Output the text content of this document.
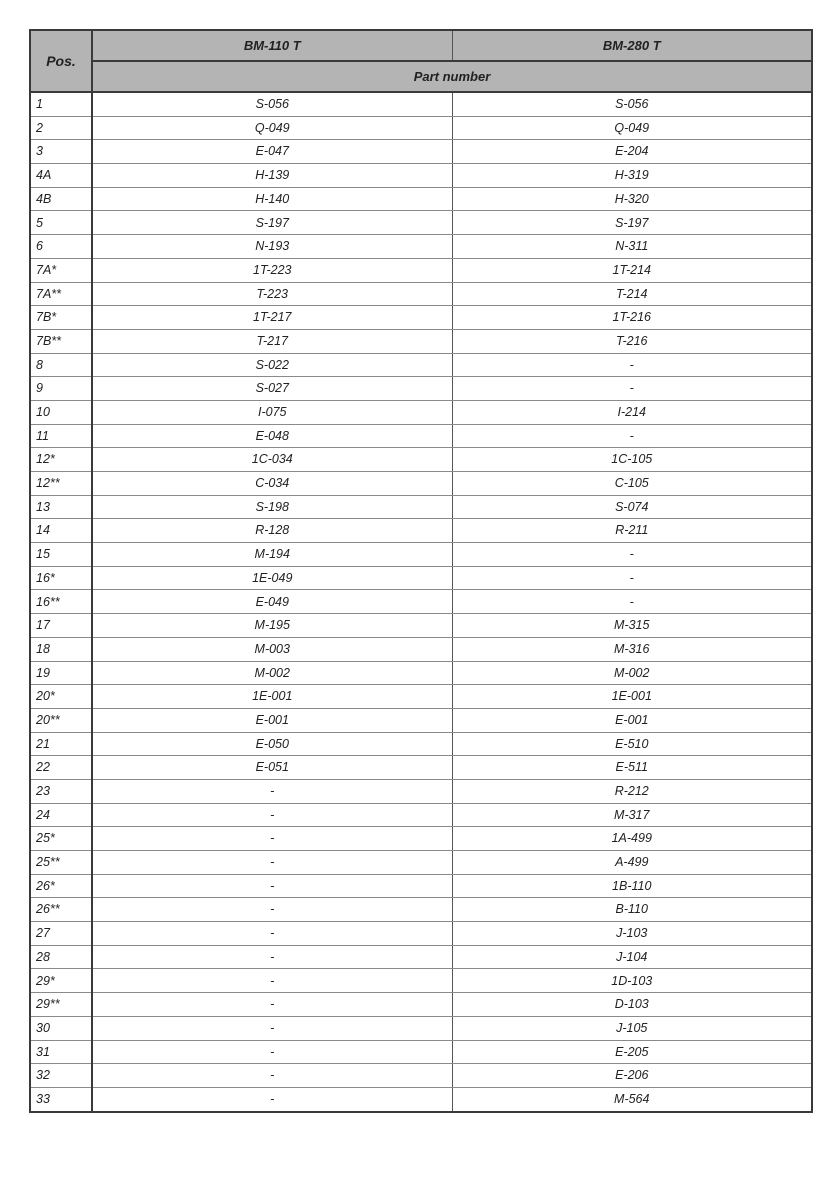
Pos.	BM-110 T	BM-280 T
	Part number	
1	S-056	S-056
2	Q-049	Q-049
3	E-047	E-204
4A	H-139	H-319
4B	H-140	H-320
5	S-197	S-197
6	N-193	N-311
7A*	1T-223	1T-214
7A**	T-223	T-214
7B*	1T-217	1T-216
7B**	T-217	T-216
8	S-022	-
9	S-027	-
10	I-075	I-214
11	E-048	-
12*	1C-034	1C-105
12**	C-034	C-105
13	S-198	S-074
14	R-128	R-211
15	M-194	-
16*	1E-049	-
16**	E-049	-
17	M-195	M-315
18	M-003	M-316
19	M-002	M-002
20*	1E-001	1E-001
20**	E-001	E-001
21	E-050	E-510
22	E-051	E-511
23	-	R-212
24	-	M-317
25*	-	1A-499
25**	-	A-499
26*	-	1B-110
26**	-	B-110
27	-	J-103
28	-	J-104
29*	-	1D-103
29**	-	D-103
30	-	J-105
31	-	E-205
32	-	E-206
33	-	M-564
